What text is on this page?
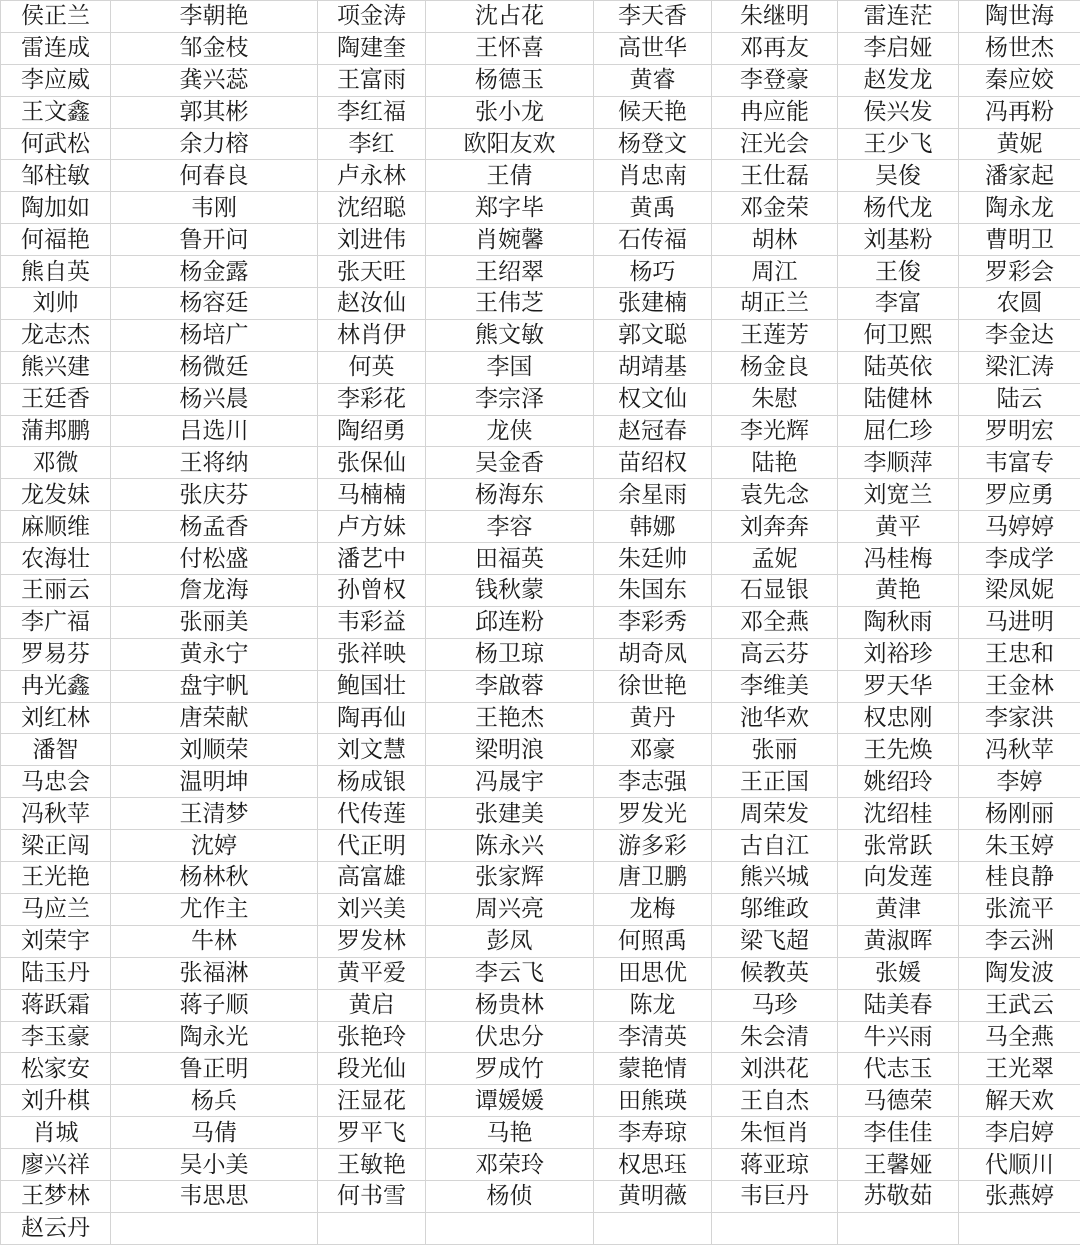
侯正兰	李朝艳	项金涛	沈占花	李天香	朱继明	雷连茫	陶世海
雷连成	邹金枝	陶建奎	王怀喜	高世华	邓再友	李启娅	杨世杰
李应威	龚兴蕊	王富雨	杨德玉	黄睿	李登豪	赵发龙	秦应姣
王文鑫	郭其彬	李红福	张小龙	候天艳	冉应能	侯兴发	冯再粉
何武松	余力榕	李红	欧阳友欢	杨登文	汪光会	王少飞	黄妮
邹柱敏	何春良	卢永林	王倩	肖忠南	王仕磊	吴俊	潘家起
陶加如	韦刚	沈绍聪	郑字毕	黄禹	邓金荣	杨代龙	陶永龙
何福艳	鲁开问	刘进伟	肖婉馨	石传福	胡林	刘基粉	曹明卫
熊自英	杨金露	张天旺	王绍翠	杨巧	周江	王俊	罗彩会
刘帅	杨容廷	赵汝仙	王伟芝	张建楠	胡正兰	李富	农圆
龙志杰	杨培广	林肖伊	熊文敏	郭文聪	王莲芳	何卫熙	李金达
熊兴建	杨微廷	何英	李国	胡靖基	杨金良	陆英依	梁汇涛
王廷香	杨兴晨	李彩花	李宗泽	权文仙	朱慰	陆健林	陆云
蒲邦鹏	吕选川	陶绍勇	龙侠	赵冠春	李光辉	屈仁珍	罗明宏
邓微	王将纳	张保仙	吴金香	苗绍权	陆艳	李顺萍	韦富专
龙发妹	张庆芬	马楠楠	杨海东	余星雨	袁先念	刘宽兰	罗应勇
麻顺维	杨孟香	卢方妹	李容	韩娜	刘奔奔	黄平	马婷婷
农海壮	付松盛	潘艺中	田福英	朱廷帅	孟妮	冯桂梅	李成学
王丽云	詹龙海	孙曾权	钱秋蒙	朱国东	石显银	黄艳	梁凤妮
李广福	张丽美	韦彩益	邱连粉	李彩秀	邓全燕	陶秋雨	马进明
罗易芬	黄永宁	张祥映	杨卫琼	胡奇凤	高云芬	刘裕珍	王忠和
冉光鑫	盘宇帆	鲍国壮	李啟蓉	徐世艳	李维美	罗天华	王金林
刘红林	唐荣献	陶再仙	王艳杰	黄丹	池华欢	权忠刚	李家洪
潘智	刘顺荣	刘文慧	梁明浪	邓豪	张丽	王先焕	冯秋苹
马忠会	温明坤	杨成银	冯晟宇	李志强	王正国	姚绍玲	李婷
冯秋苹	王清梦	代传莲	张建美	罗发光	周荣发	沈绍桂	杨刚丽
梁正闯	沈婷	代正明	陈永兴	游多彩	古自江	张常跃	朱玉婷
王光艳	杨林秋	高富雄	张家辉	唐卫鹏	熊兴城	向发莲	桂良静
马应兰	尤作主	刘兴美	周兴亮	龙梅	邬维政	黄津	张流平
刘荣宇	牛林	罗发林	彭凤	何照禹	梁飞超	黄淑晖	李云洲
陆玉丹	张福淋	黄平爱	李云飞	田思优	候教英	张媛	陶发波
蒋跃霜	蒋子顺	黄启	杨贵林	陈龙	马珍	陆美春	王武云
李玉豪	陶永光	张艳玲	伏忠分	李清英	朱会清	牛兴雨	马全燕
松家安	鲁正明	段光仙	罗成竹	蒙艳情	刘洪花	代志玉	王光翠
刘升棋	杨兵	汪显花	谭媛媛	田熊瑛	王自杰	马德荣	解天欢
肖城	马倩	罗平飞	马艳	李寿琼	朱恒肖	李佳佳	李启婷
廖兴祥	吴小美	王敏艳	邓荣玲	权思珏	蒋亚琼	王馨娅	代顺川
王梦林	韦思思	何书雪	杨侦	黄明薇	韦巨丹	苏敬茹	张燕婷
赵云丹							
